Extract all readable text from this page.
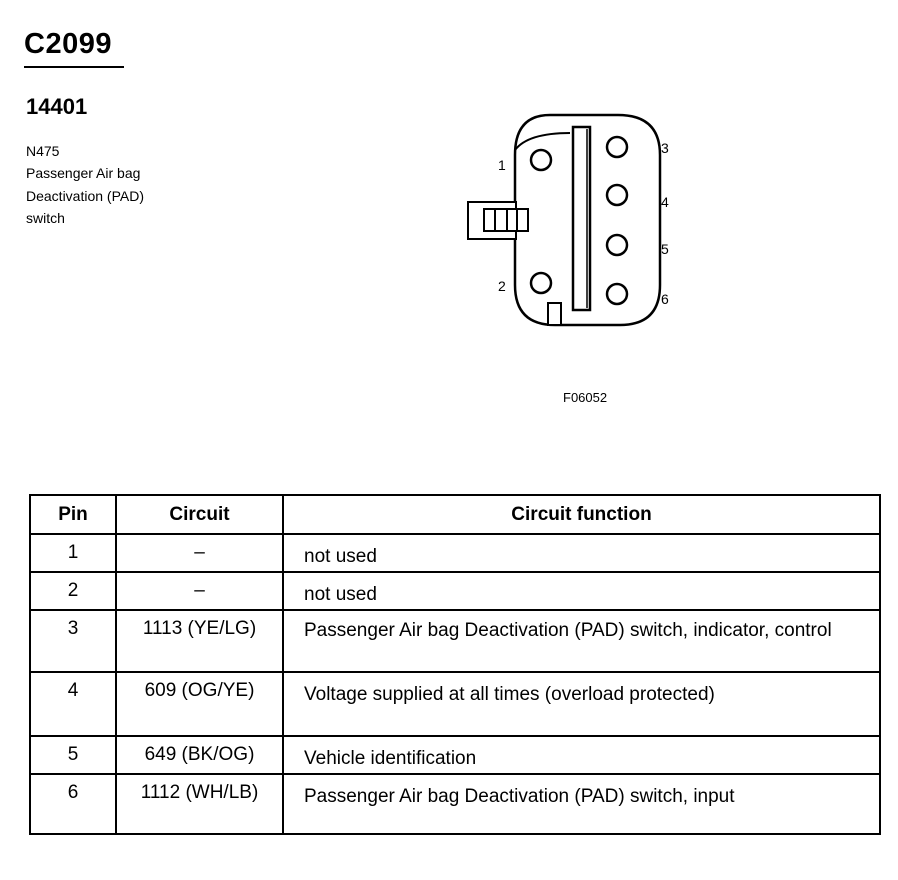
C2099
14401
N475
Passenger Air bag
Deactivation (PAD)
switch
1
2
3
4
5
6
F06052
Pin	Circuit	Circuit function
1	–	not used
2	–	not used
3	1113 (YE/LG)	Passenger Air bag Deactivation (PAD) switch, indicator, control
4	609 (OG/YE)	Voltage supplied at all times (overload protected)
5	649 (BK/OG)	Vehicle identification
6	1112 (WH/LB)	Passenger Air bag Deactivation (PAD) switch, input
